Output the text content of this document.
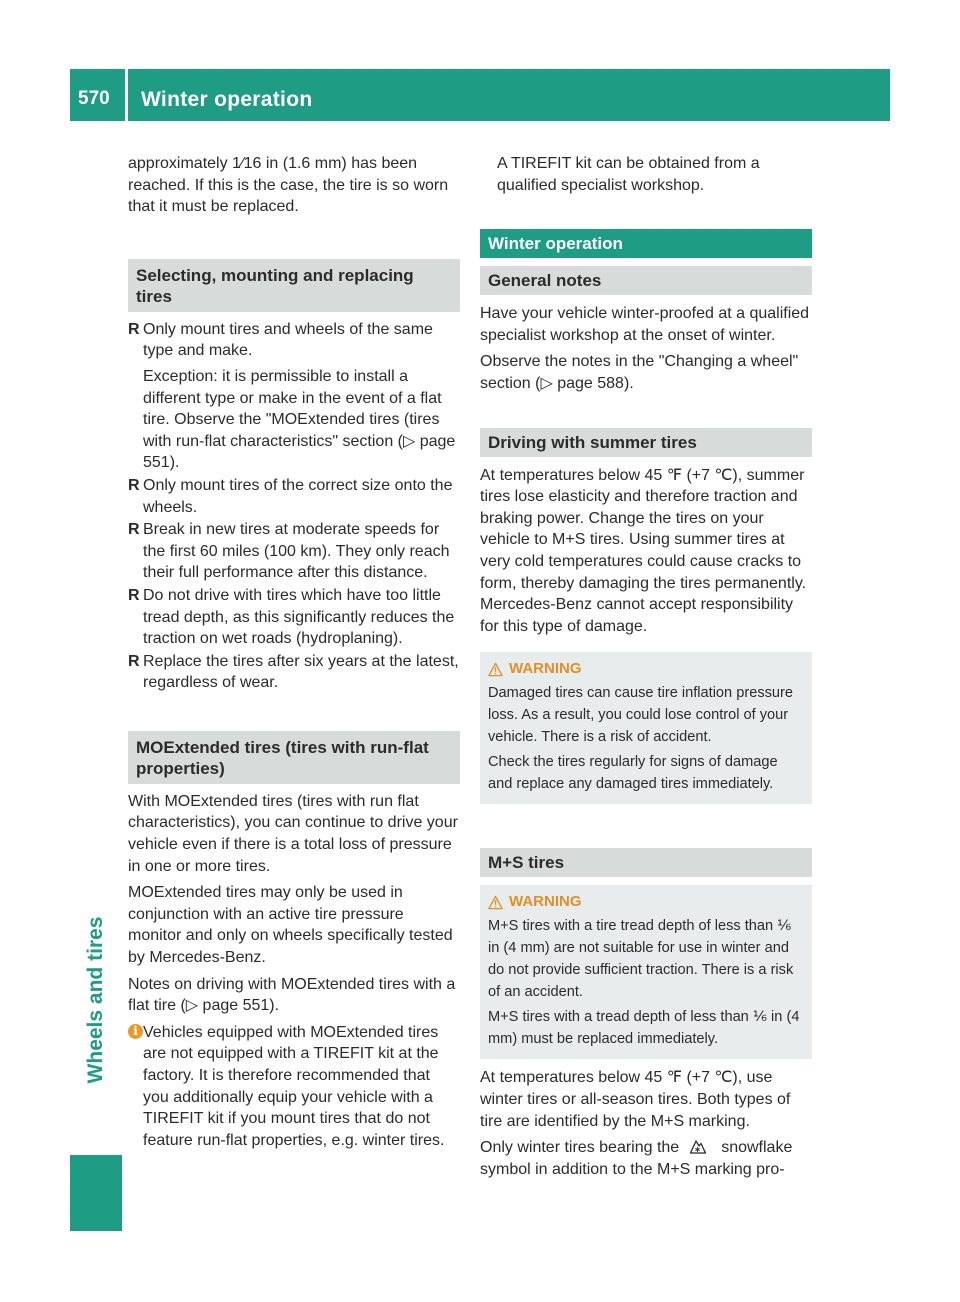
570 Winter operation
Wheels and tires

approximately 1⁄16 in (1.6 mm) has been reached. If this is the case, the tire is so worn that it must be replaced.

Selecting, mounting and replacing tires
R Only mount tires and wheels of the same type and make.
Exception: it is permissible to install a different type or make in the event of a flat tire. Observe the "MOExtended tires (tires with run-flat characteristics" section (▷ page 551).
R Only mount tires of the correct size onto the wheels.
R Break in new tires at moderate speeds for the first 60 miles (100 km). They only reach their full performance after this distance.
R Do not drive with tires which have too little tread depth, as this significantly reduces the traction on wet roads (hydroplaning).
R Replace the tires after six years at the latest, regardless of wear.
MOExtended tires (tires with run-flat properties)

With MOExtended tires (tires with run flat characteristics), you can continue to drive your vehicle even if there is a total loss of pressure in one or more tires.

MOExtended tires may only be used in conjunction with an active tire pressure monitor and only on wheels specifically tested by Mercedes-Benz.

Notes on driving with MOExtended tires with a flat tire (▷ page 551).

i Vehicles equipped with MOExtended tires are not equipped with a TIREFIT kit at the factory. It is therefore recommended that you additionally equip your vehicle with a TIREFIT kit if you mount tires that do not feature run-flat properties, e.g. winter tires.

A TIREFIT kit can be obtained from a qualified specialist workshop.

Winter operation
General notes

Have your vehicle winter-proofed at a qualified specialist workshop at the onset of winter.

Observe the notes in the "Changing a wheel" section (▷ page 588).

Driving with summer tires

At temperatures below 45 ℉ (+7 ℃), summer tires lose elasticity and therefore traction and braking power. Change the tires on your vehicle to M+S tires. Using summer tires at very cold temperatures could cause cracks to form, thereby damaging the tires permanently. Mercedes-Benz cannot accept responsibility for this type of damage.

WARNING

Damaged tires can cause tire inflation pressure loss. As a result, you could lose control of your vehicle. There is a risk of accident.

Check the tires regularly for signs of damage and replace any damaged tires immediately.

M+S tires
WARNING

M+S tires with a tire tread depth of less than ⅙ in (4 mm) are not suitable for use in winter and do not provide sufficient traction. There is a risk of an accident.

M+S tires with a tread depth of less than ⅙ in (4 mm) must be replaced immediately.

At temperatures below 45 ℉ (+7 ℃), use winter tires or all-season tires. Both types of tire are identified by the M+S marking.

Only winter tires bearing the	snowflake symbol in addition to the M+S marking pro-
